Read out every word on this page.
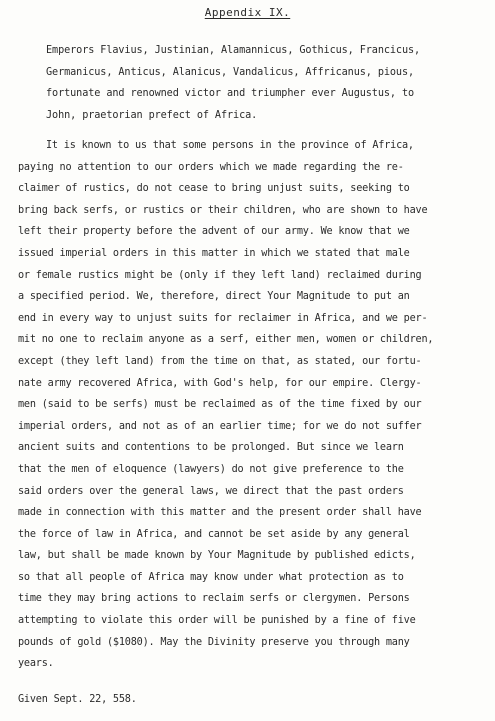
Appendix IX.
Emperors Flavius, Justinian, Alamannicus, Gothicus, Francicus,
Germanicus, Anticus, Alanicus, Vandalicus, Affricanus, pious,
fortunate and renowned victor and triumpher ever Augustus, to
John, praetorian prefect of Africa.
It is known to us that some persons in the province of Africa,
paying no attention to our orders which we made regarding the re-
claimer of rustics, do not cease to bring unjust suits, seeking to
bring back serfs, or rustics or their children, who are shown to have
left their property before the advent of our army. We know that we
issued imperial orders in this matter in which we stated that male
or female rustics might be (only if they left land) reclaimed during
a specified period. We, therefore, direct Your Magnitude to put an
end in every way to unjust suits for reclaimer in Africa, and we per-
mit no one to reclaim anyone as a serf, either men, women or children,
except (they left land) from the time on that, as stated, our fortu-
nate army recovered Africa, with God's help, for our empire. Clergy-
men (said to be serfs) must be reclaimed as of the time fixed by our
imperial orders, and not as of an earlier time; for we do not suffer
ancient suits and contentions to be prolonged. But since we learn
that the men of eloquence (lawyers) do not give preference to the
said orders over the general laws, we direct that the past orders
made in connection with this matter and the present order shall have
the force of law in Africa, and cannot be set aside by any general
law, but shall be made known by Your Magnitude by published edicts,
so that all people of Africa may know under what protection as to
time they may bring actions to reclaim serfs or clergymen. Persons
attempting to violate this order will be punished by a fine of five
pounds of gold ($1080). May the Divinity preserve you through many
years.
Given Sept. 22, 558.
